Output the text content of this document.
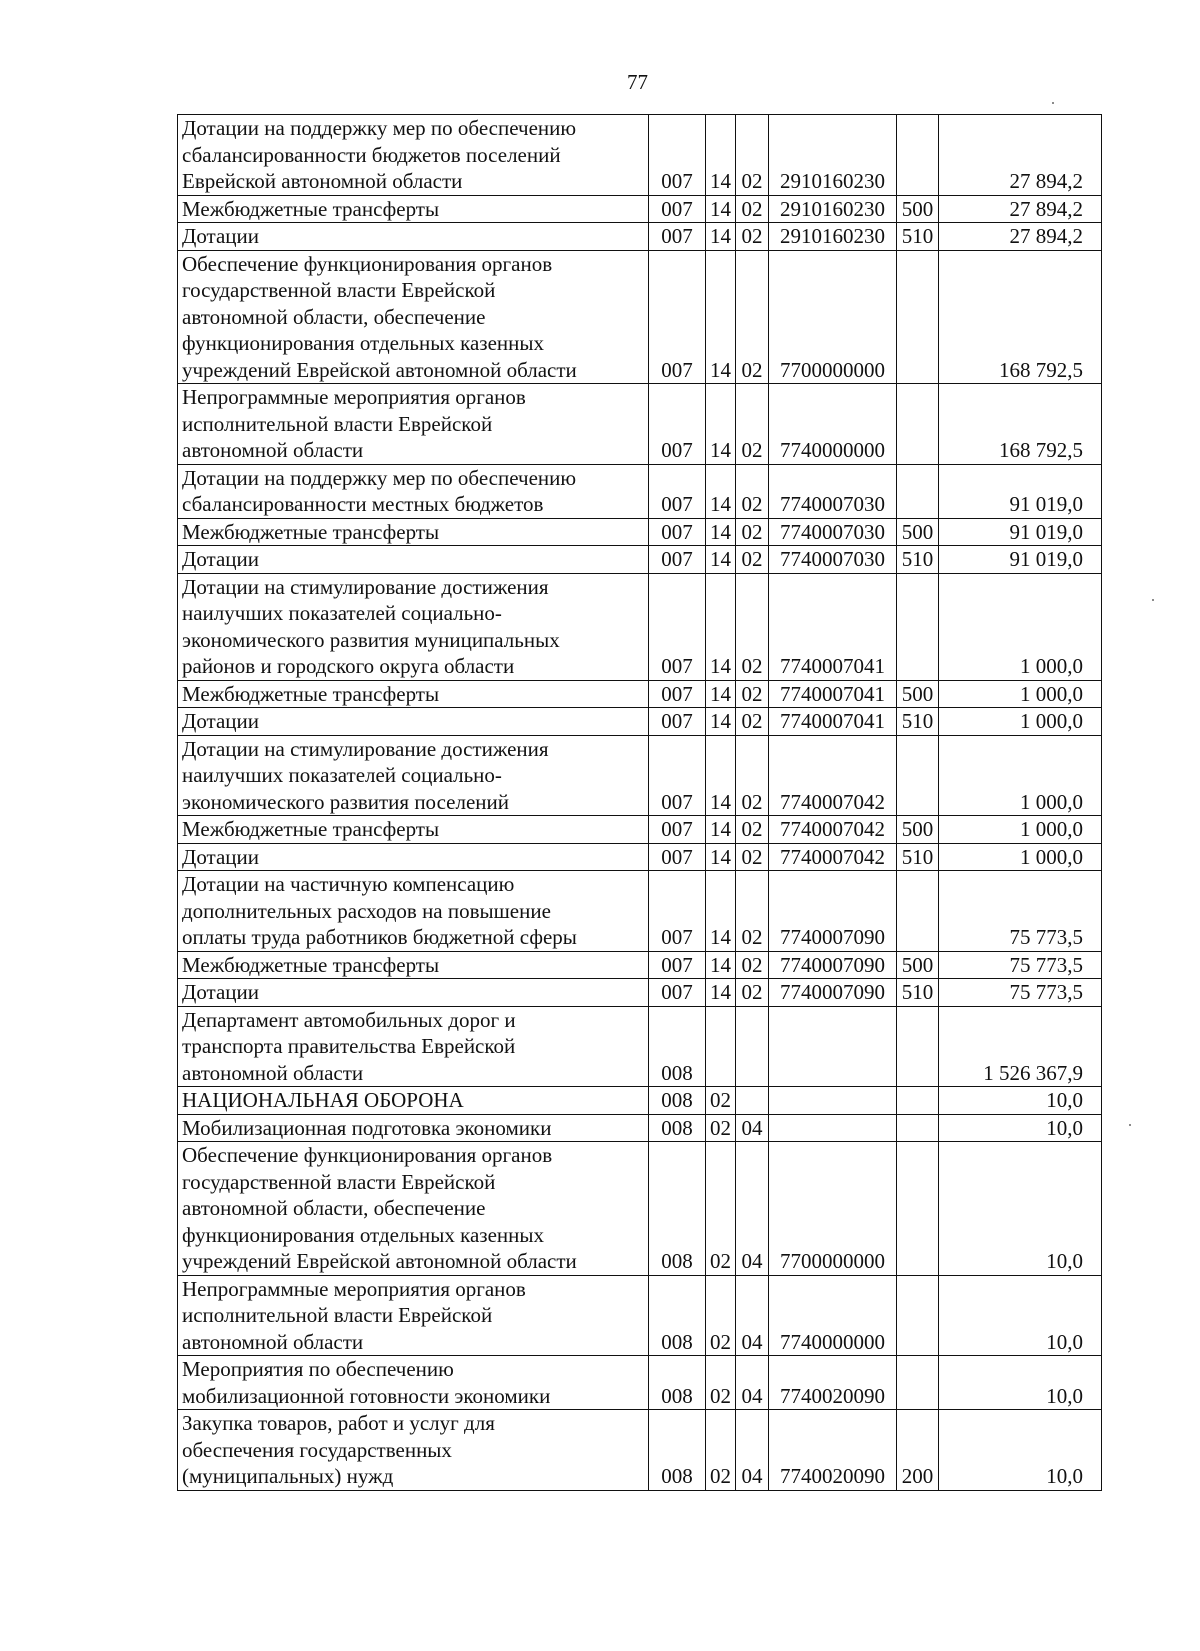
77
Дотации на поддержку мер по обеспечению
сбалансированности бюджетов поселений
Еврейской автономной области	007	14	02	2910160230		27 894,2

Межбюджетные трансферты	007	14	02	2910160230	500	27 894,2

Дотации	007	14	02	2910160230	510	27 894,2

Обеспечение функционирования органов
государственной власти Еврейской
автономной области, обеспечение
функционирования отдельных казенных
учреждений Еврейской автономной области	007	14	02	7700000000		168 792,5

Непрограммные мероприятия органов
исполнительной власти Еврейской
автономной области	007	14	02	7740000000		168 792,5

Дотации на поддержку мер по обеспечению
сбалансированности местных бюджетов	007	14	02	7740007030		91 019,0

Межбюджетные трансферты	007	14	02	7740007030	500	91 019,0

Дотации	007	14	02	7740007030	510	91 019,0

Дотации на стимулирование достижения
наилучших показателей социально-
экономического развития муниципальных
районов и городского округа области	007	14	02	7740007041		1 000,0

Межбюджетные трансферты	007	14	02	7740007041	500	1 000,0

Дотации	007	14	02	7740007041	510	1 000,0

Дотации на стимулирование достижения
наилучших показателей социально-
экономического развития поселений	007	14	02	7740007042		1 000,0

Межбюджетные трансферты	007	14	02	7740007042	500	1 000,0

Дотации	007	14	02	7740007042	510	1 000,0

Дотации на частичную компенсацию
дополнительных расходов на повышение
оплаты труда работников бюджетной сферы	007	14	02	7740007090		75 773,5

Межбюджетные трансферты	007	14	02	7740007090	500	75 773,5

Дотации	007	14	02	7740007090	510	75 773,5

Департамент автомобильных дорог и
транспорта правительства Еврейской
автономной области	008					1 526 367,9

НАЦИОНАЛЬНАЯ ОБОРОНА	008	02				10,0

Мобилизационная подготовка экономики	008	02	04			10,0

Обеспечение функционирования органов
государственной власти Еврейской
автономной области, обеспечение
функционирования отдельных казенных
учреждений Еврейской автономной области	008	02	04	7700000000		10,0

Непрограммные мероприятия органов
исполнительной власти Еврейской
автономной области	008	02	04	7740000000		10,0

Мероприятия по обеспечению
мобилизационной готовности экономики	008	02	04	7740020090		10,0

Закупка товаров, работ и услуг для
обеспечения государственных
(муниципальных) нужд	008	02	04	7740020090	200	10,0
